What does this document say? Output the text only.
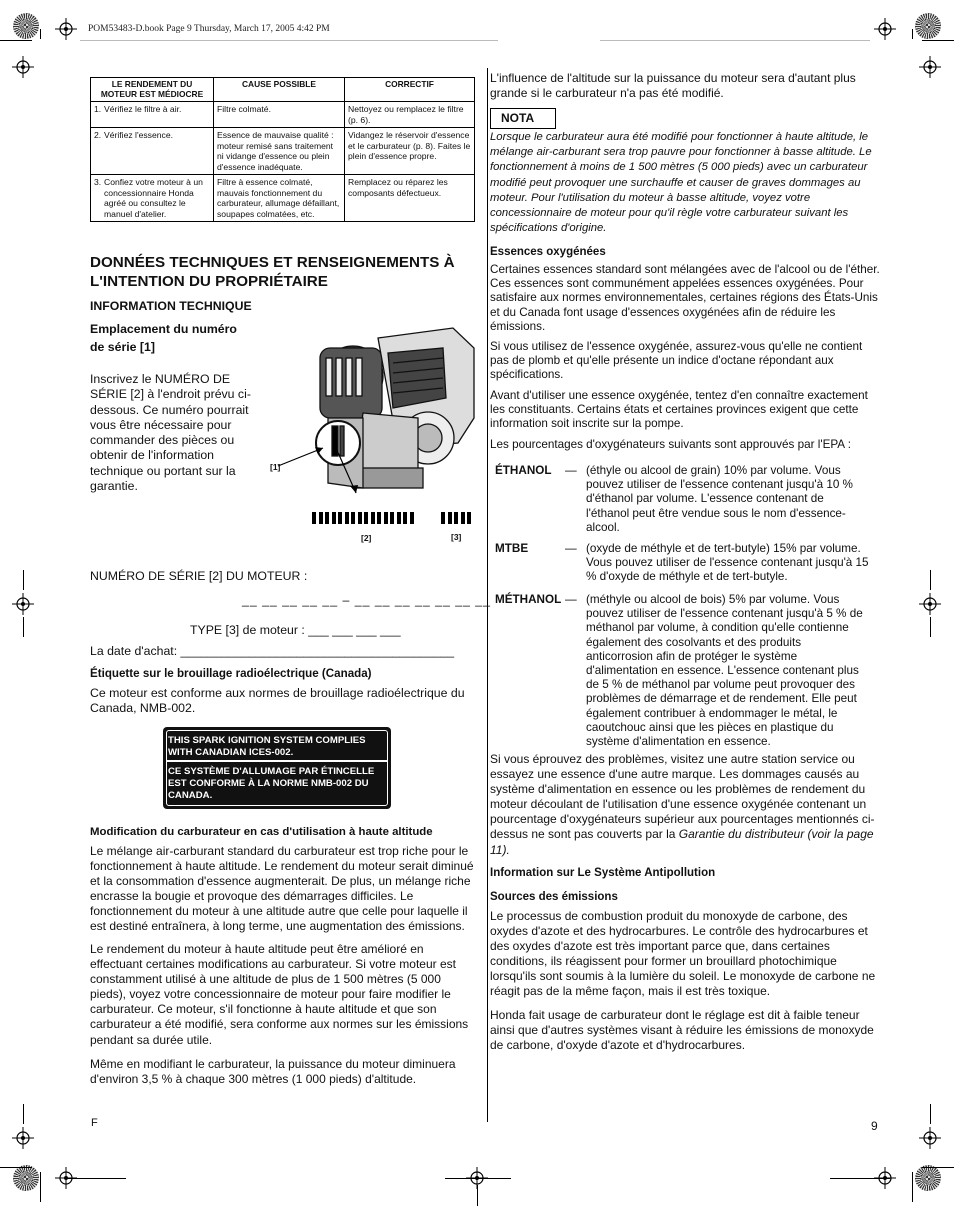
POM53483-D.book Page 9 Thursday, March 17, 2005 4:42 PM
LE RENDEMENT DU MOTEUR EST MÉDIOCRE	CAUSE POSSIBLE	CORRECTIF

1. Vérifiez le filtre à air.	Filtre colmaté.	Nettoyez ou remplacez le filtre (p. 6).

2. Vérifiez l'essence.	Essence de mauvaise qualité : moteur remisé sans traitement ni vidange d'essence ou plein d'essence inadéquate.	Vidangez le réservoir d'essence et le carburateur (p. 8). Faites le plein d'essence propre.

3. Confiez votre moteur à un concessionnaire Honda agréé ou consultez le manuel d'atelier.	Filtre à essence colmaté, mauvais fonctionnement du carburateur, allumage défaillant, soupapes colmatées, etc.	Remplacez ou réparez les composants défectueux.
DONNÉES TECHNIQUES ET RENSEIGNEMENTS À L'INTENTION DU PROPRIÉTAIRE
INFORMATION TECHNIQUE
Emplacement du numéro
de série [1]
Inscrivez le NUMÉRO DE SÉRIE [2] à l'endroit prévu ci-dessous. Ce numéro pourrait vous être nécessaire pour commander des pièces ou obtenir de l'information technique ou portant sur la garantie.
[1]
[2]	[3]
NUMÉRO DE SÉRIE [2] DU MOTEUR :
__ __ __ __ __ – __ __ __ __ __ __ __
TYPE [3] de moteur : ___ ___ ___ ___
La date d'achat: ________________________________________
Étiquette sur le brouillage radioélectrique (Canada)
Ce moteur est conforme aux normes de brouillage radioélectrique du Canada, NMB-002.
THIS SPARK IGNITION SYSTEM COMPLIES
WITH CANADIAN ICES-002.
CE SYSTÈME D'ALLUMAGE PAR ÉTINCELLE
EST CONFORME À LA NORME NMB-002 DU
CANADA.
Modification du carburateur en cas d'utilisation à haute altitude
Le mélange air-carburant standard du carburateur est trop riche pour le fonctionnement à haute altitude. Le rendement du moteur serait diminué et la consommation d'essence augmenterait. De plus, un mélange riche encrasse la bougie et provoque des démarrages difficiles. Le fonctionnement du moteur à une altitude autre que celle pour laquelle il est destiné entraînera, à long terme, une augmentation des émissions.
Le rendement du moteur à haute altitude peut être amélioré en effectuant certaines modifications au carburateur. Si votre moteur est constamment utilisé à une altitude de plus de 1 500 mètres (5 000 pieds), voyez votre concessionnaire de moteur pour faire modifier le carburateur. Ce moteur, s'il fonctionne à haute altitude et que son carburateur a été modifié, sera conforme aux normes sur les émissions pendant sa durée utile.
Même en modifiant le carburateur, la puissance du moteur diminuera d'environ 3,5 % à chaque 300 mètres (1 000 pieds) d'altitude.
L'influence de l'altitude sur la puissance du moteur sera d'autant plus grande si le carburateur n'a pas été modifié.
NOTA
Lorsque le carburateur aura été modifié pour fonctionner à haute altitude, le mélange air-carburant sera trop pauvre pour fonctionner à basse altitude. Le fonctionnement à moins de 1 500 mètres (5 000 pieds) avec un carburateur modifié peut provoquer une surchauffe et causer de graves dommages au moteur. Pour l'utilisation du moteur à basse altitude, voyez votre concessionnaire de moteur pour qu'il règle votre carburateur suivant les spécifications d'origine.
Essences oxygénées
Certaines essences standard sont mélangées avec de l'alcool ou de l'éther. Ces essences sont communément appelées essences oxygénées. Pour satisfaire aux normes environnementales, certaines régions des États-Unis et du Canada font usage d'essences oxygénées afin de réduire les émissions.
Si vous utilisez de l'essence oxygénée, assurez-vous qu'elle ne contient pas de plomb et qu'elle présente un indice d'octane répondant aux spécifications.
Avant d'utiliser une essence oxygénée, tentez d'en connaître exactement les constituants. Certains états et certaines provinces exigent que cette information soit inscrite sur la pompe.
Les pourcentages d'oxygénateurs suivants sont approuvés par l'EPA :
ÉTHANOL — (éthyle ou alcool de grain) 10% par volume. Vous pouvez utiliser de l'essence contenant jusqu'à 10 % d'éthanol par volume. L'essence contenant de l'éthanol peut être vendue sous le nom d'essence-alcool.
MTBE	— (oxyde de méthyle et de tert-butyle) 15% par volume. Vous pouvez utiliser de l'essence contenant jusqu'à 15 % d'oxyde de méthyle et de tert-butyle.
MÉTHANOL — (méthyle ou alcool de bois) 5% par volume. Vous pouvez utiliser de l'essence contenant jusqu'à 5 % de méthanol par volume, à condition qu'elle contienne également des cosolvants et des produits anticorrosion afin de protéger le système d'alimentation en essence. L'essence contenant plus de 5 % de méthanol par volume peut provoquer des problèmes de démarrage et de rendement. Elle peut également contribuer à endommager le métal, le caoutchouc ainsi que les pièces en plastique du système d'alimentation en essence.
Si vous éprouvez des problèmes, visitez une autre station service ou essayez une essence d'une autre marque. Les dommages causés au système d'alimentation en essence ou les problèmes de rendement du moteur découlant de l'utilisation d'une essence oxygénée contenant un pourcentage d'oxygénateurs supérieur aux pourcentages mentionnés ci-dessus ne sont pas couverts par la Garantie du distributeur (voir la page 11).
Information sur Le Système Antipollution
Sources des émissions
Le processus de combustion produit du monoxyde de carbone, des oxydes d'azote et des hydrocarbures. Le contrôle des hydrocarbures et des oxydes d'azote est très important parce que, dans certaines conditions, ils réagissent pour former un brouillard photochimique lorsqu'ils sont soumis à la lumière du soleil. Le monoxyde de carbone ne réagit pas de la même façon, mais il est très toxique.
Honda fait usage de carburateur dont le réglage est dit à faible teneur ainsi que d'autres systèmes visant à réduire les émissions de monoxyde de carbone, d'oxyde d'azote et d'hydrocarbures.
F	9
